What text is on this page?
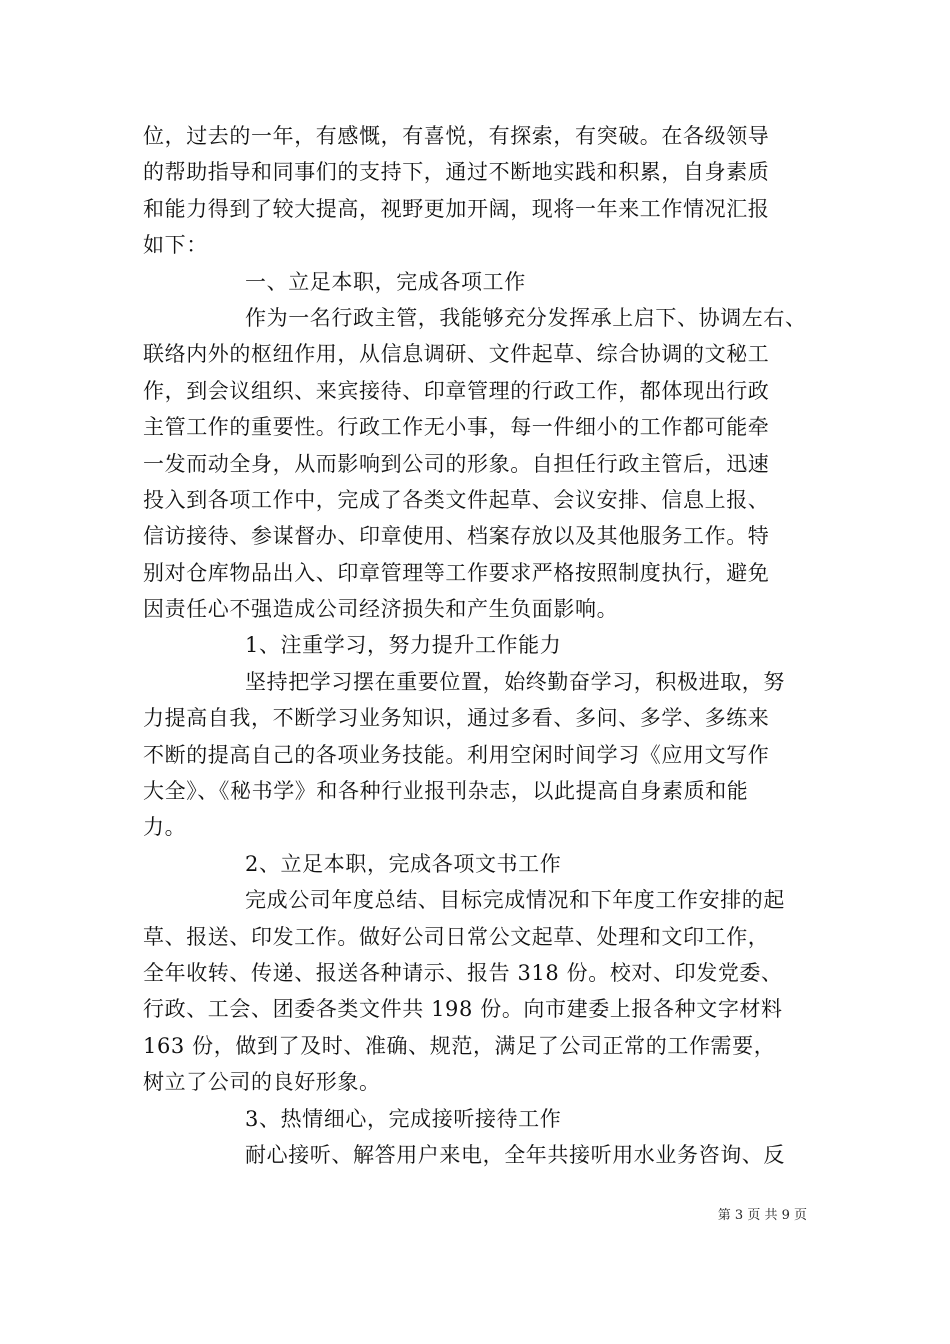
位，过去的一年，有感慨，有喜悦，有探索，有突破。在各级领导
的帮助指导和同事们的支持下，通过不断地实践和积累，自身素质
和能力得到了较大提高，视野更加开阔，现将一年来工作情况汇报
如下：
一、立足本职，完成各项工作
作为一名行政主管，我能够充分发挥承上启下、协调左右、
联络内外的枢纽作用，从信息调研、文件起草、综合协调的文秘工
作，到会议组织、来宾接待、印章管理的行政工作，都体现出行政
主管工作的重要性。行政工作无小事，每一件细小的工作都可能牵
一发而动全身，从而影响到公司的形象。自担任行政主管后，迅速
投入到各项工作中，完成了各类文件起草、会议安排、信息上报、
信访接待、参谋督办、印章使用、档案存放以及其他服务工作。特
别对仓库物品出入、印章管理等工作要求严格按照制度执行，避免
因责任心不强造成公司经济损失和产生负面影响。
1、注重学习，努力提升工作能力
坚持把学习摆在重要位置，始终勤奋学习，积极进取，努
力提高自我，不断学习业务知识，通过多看、多问、多学、多练来
不断的提高自己的各项业务技能。利用空闲时间学习《应用文写作
大全》、《秘书学》和各种行业报刊杂志，以此提高自身素质和能
力。
2、立足本职，完成各项文书工作
完成公司年度总结、目标完成情况和下年度工作安排的起
草、报送、印发工作。做好公司日常公文起草、处理和文印工作，
全年收转、传递、报送各种请示、报告 318 份。校对、印发党委、
行政、工会、团委各类文件共 198 份。向市建委上报各种文字材料
163 份，做到了及时、准确、规范，满足了公司正常的工作需要，
树立了公司的良好形象。
3、热情细心，完成接听接待工作
耐心接听、解答用户来电，全年共接听用水业务咨询、反
第 3 页 共 9 页
